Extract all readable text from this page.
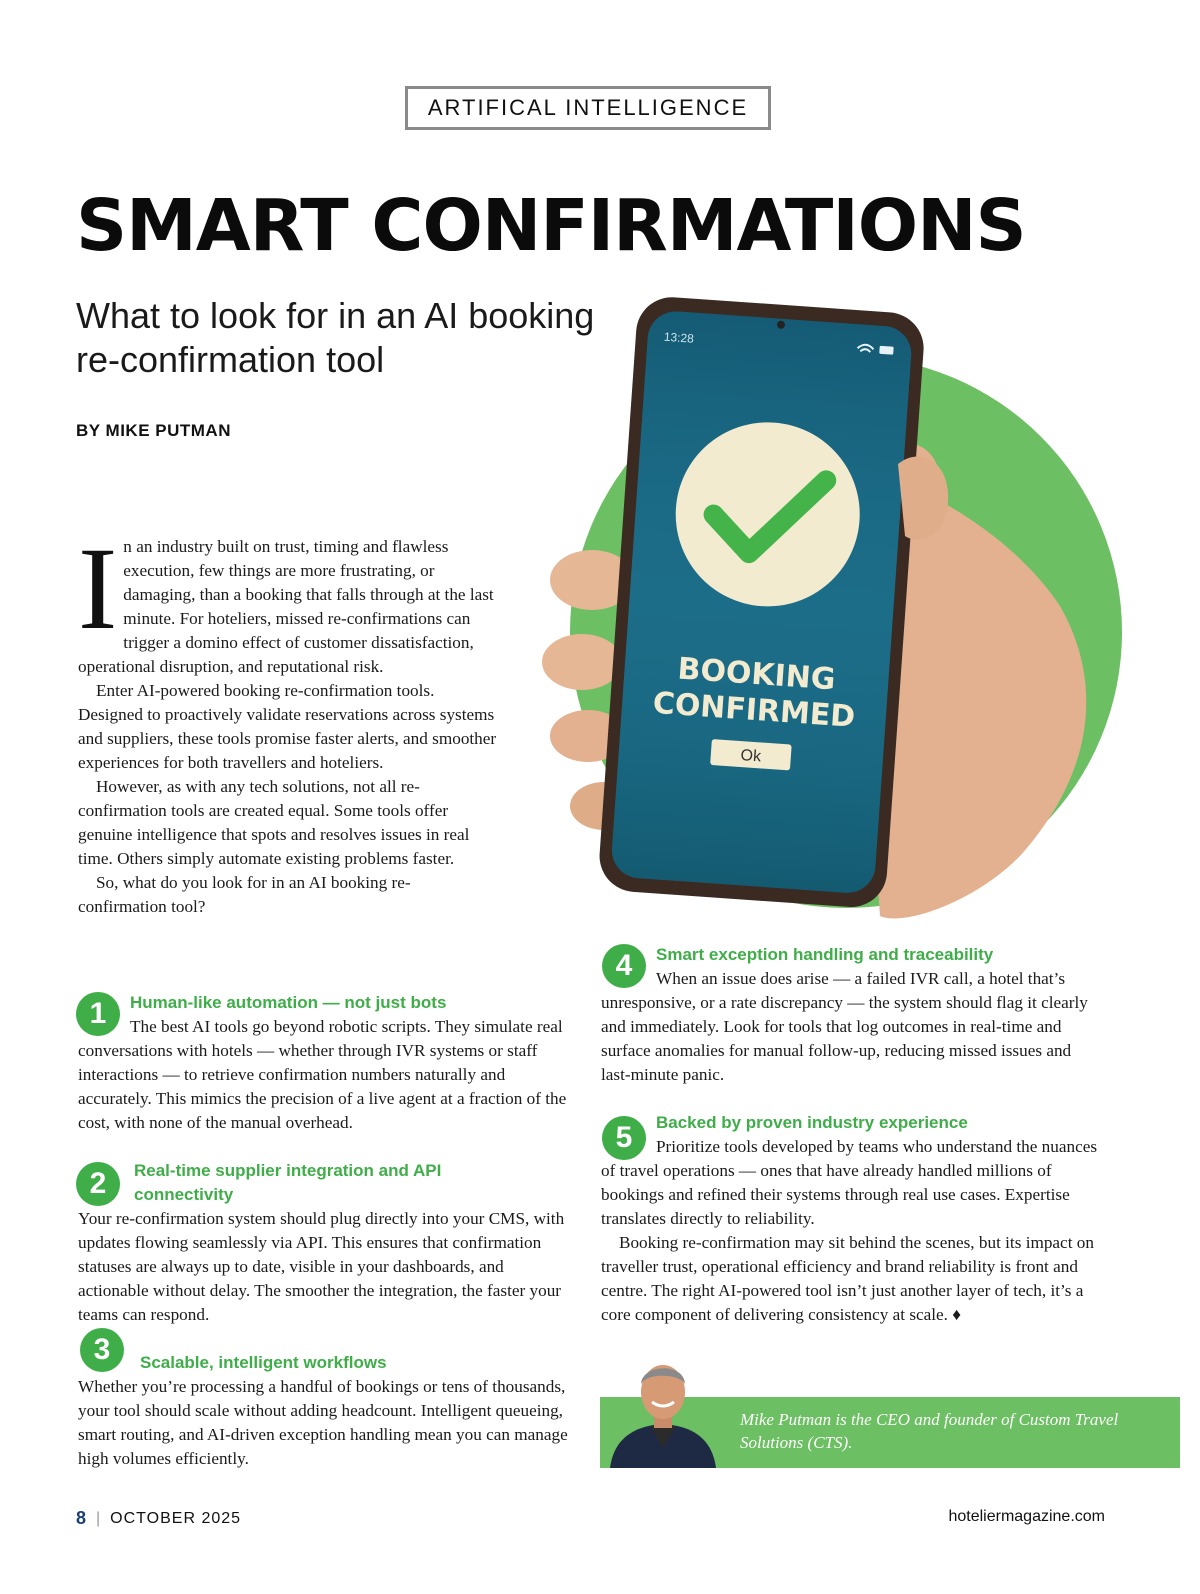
ARTIFICAL INTELLIGENCE
SMART CONFIRMATIONS
What to look for in an AI booking re-confirmation tool
BY MIKE PUTMAN
13:28
BOOKING
CONFIRMED
Ok

In an industry built on trust, timing and flawless execution, few things are more frustrating, or damaging, than a booking that falls through at the last minute. For hoteliers, missed re-confirmations can trigger a domino effect of customer dissatisfaction, operational disruption, and reputational risk.

Enter AI-powered booking re-confirmation tools. Designed to proactively validate reservations across systems and suppliers, these tools promise faster alerts, and smoother experiences for both travellers and hoteliers.

However, as with any tech solutions, not all re-confirmation tools are created equal. Some tools offer genuine intelligence that spots and resolves issues in real time. Others simply automate existing problems faster.

So, what do you look for in an AI booking re-confirmation tool?

1	Human-like automation — not just bots

The best AI tools go beyond robotic scripts. They simulate real conversations with hotels — whether through IVR systems or staff interactions — to retrieve confirmation numbers naturally and accurately. This mimics the precision of a live agent at a fraction of the cost, with none of the manual overhead.
2	Real-time supplier integration and API connectivity

Your re-confirmation system should plug directly into your CMS, with updates flowing seamlessly via API. This ensures that confirmation statuses are always up to date, visible in your dashboards, and actionable without delay. The smoother the integration, the faster your teams can respond.
3	Scalable, intelligent workflows

Whether you’re processing a handful of bookings or tens of thousands, your tool should scale without adding headcount. Intelligent queueing, smart routing, and AI-driven exception handling mean you can manage high volumes efficiently.
4	Smart exception handling and traceability

When an issue does arise — a failed IVR call, a hotel that’s unresponsive, or a rate discrepancy — the system should flag it clearly and immediately. Look for tools that log outcomes in real-time and surface anomalies for manual follow-up, reducing missed issues and last-minute panic.
5	Backed by proven industry experience

Prioritize tools developed by teams who understand the nuances of travel operations — ones that have already handled millions of bookings and refined their systems through real use cases. Expertise translates directly to reliability.

Booking re-confirmation may sit behind the scenes, but its impact on traveller trust, operational efficiency and brand reliability is front and centre. The right AI-powered tool isn’t just another layer of tech, it’s a core component of delivering consistency at scale. ♦

Mike Putman is the CEO and founder of Custom Travel Solutions (CTS).
8 | OCTOBER 2025	hoteliermagazine.com
